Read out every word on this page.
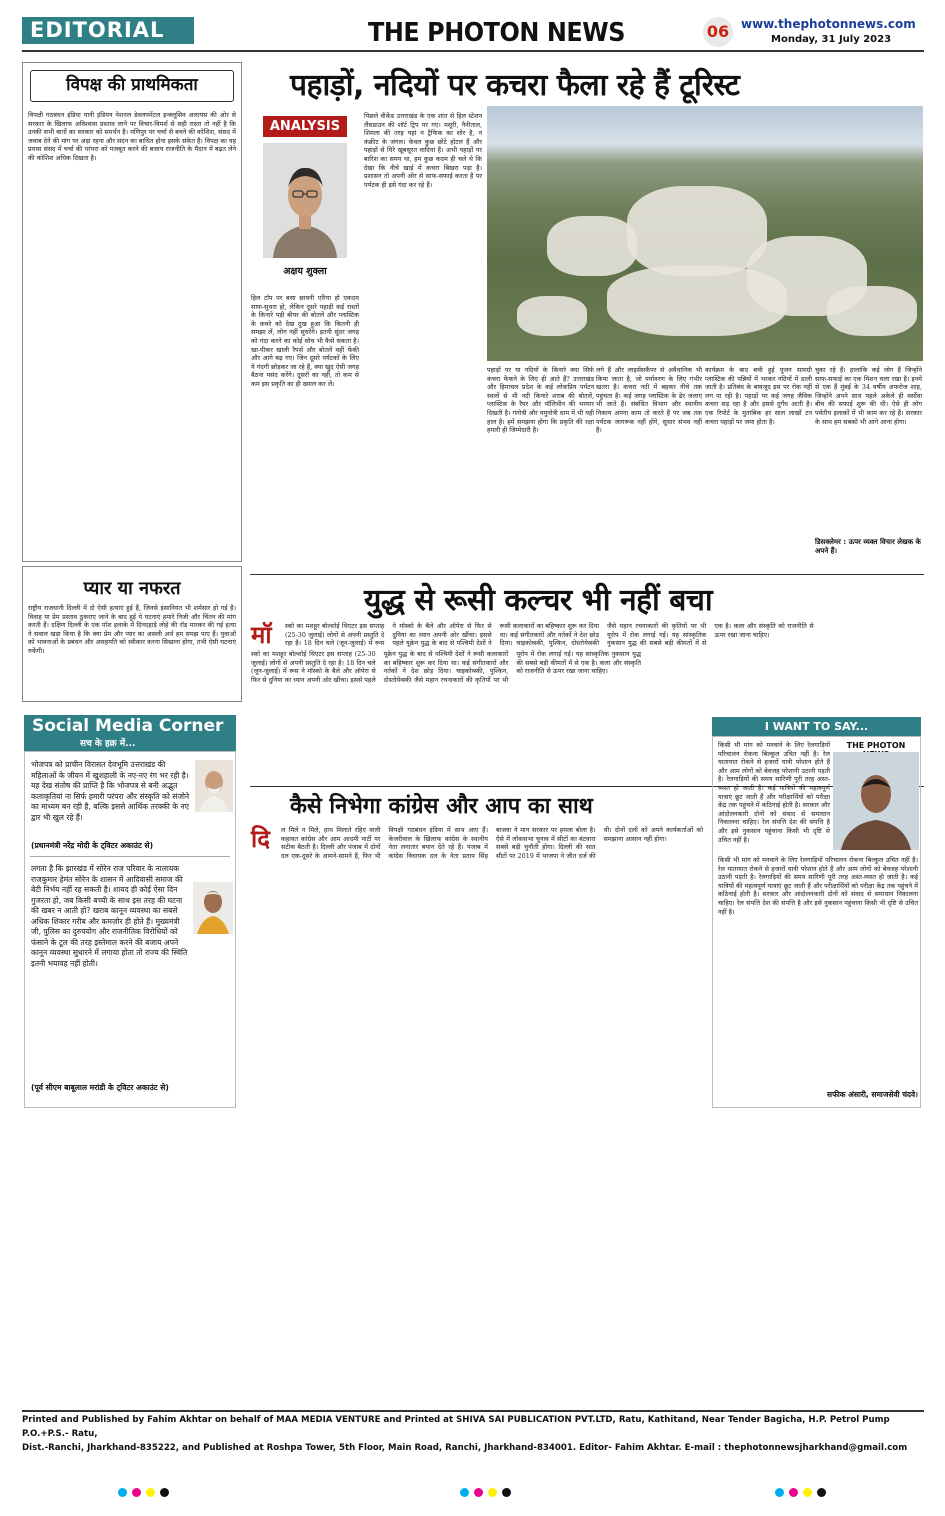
EDITORIAL	THE PHOTON NEWS	06 www.thephotonnews.com
Monday, 31 July 2023
विपक्ष की प्राथमिकता
विपक्षी गठबंधन इंडिया यानी इंडियन नेशनल डेवलपमेंटल इन्क्लूसिव अलायंस की ओर से सरकार के खिलाफ अविश्वास प्रस्ताव लाने पर विचार-विमर्श से सही रास्ता तो नहीं है कि उनकी सभी बातों का सरकार को समर्थन है। मणिपुर पर चर्चा से बचने की कोशिश, संसद में जवाब देने की मांग पर अड़ा रहना और सदन का बाधित होना इसके संकेत हैं। विपक्ष का यह प्रयास संसद में चर्चा की परंपरा को मजबूत करने की बजाय राजनीति के मैदान में बढ़त लेने की कोशिश अधिक दिखता है।
प्यार या नफरत
राष्ट्रीय राजधानी दिल्ली में दो ऐसी हत्याएं हुई हैं, जिनसे इंसानियत भी शर्मसार हो गई है। विवाह या प्रेम प्रस्ताव ठुकराए जाने के बाद हुई ये घटनाएं हमारे निजी और चिंतन की मांग करती हैं। दक्षिण दिल्ली के एक पॉश इलाके में दिनदहाड़े लोहे की रॉड मारकर की गई हत्या ने सवाल खड़ा किया है कि क्या प्रेम और प्यार का असली अर्थ हम समझ पाए हैं। युवाओं को भावनाओं के प्रबंधन और असहमति को स्वीकार करना सिखाना होगा, तभी ऐसी घटनाएं रुकेंगी।
पहाड़ों, नदियों पर कचरा फैला रहे हैं टूरिस्ट
ANALYSIS
अक्षय शुक्ला
हिल टॉप पर बसा छावनी एरिया हो एकदम साफ-सुथरा हो, लेकिन दूसरे पहाड़ी कई रास्तों के किनारे पड़ी बीयर की बोतलें और प्लास्टिक के कचरे को देख दुख हुआ कि कितनी ही समझा लें, लोग नहीं सुधरेंगे। इतनी सुंदर जगह को गंदा करने का कोई सोच भी कैसे सकता है। खा-पीकर खाली रैपर्स और बोतलें वहीं फेंकी और आगे बढ़ गए। जिन दूसरे पर्यटकों के लिए ये गंदगी छोड़कर जा रहे हैं, क्या खुद ऐसी जगह बैठना पसंद करेंगे। दूसरों का नहीं, तो कम से कम इस प्रकृति का ही ख्याल कर लें।
पिछले वीकेंड उत्तराखंड के एक शांत से हिल स्टेशन लैंसडाउन की शॉर्ट ट्रिप पर गए। मसूरी, नैनीताल, शिमला की तरह यहां न ट्रैफिक का शोर है, न कंक्रीट के जंगल। केवल कुछ छोटे होटल हैं और पहाड़ों से घिरे खूबसूरत वादियां हैं। अभी पहाड़ों पर बारिश का समय था, हम कुछ कदम ही चले थे कि देखा कि नीचे खाई में कचरा बिखरा पड़ा है। प्रशासन तो अपनी ओर से साफ-सफाई करता है पर पर्यटक ही इसे गंदा कर रहे हैं।
पहाड़ों पर या नदियों के किनारे क्या सिर्फ कचरा फेंकने के लिए ही आते हैं? उत्तराखंड और हिमाचल प्रदेश के कई लोकप्रिय पर्यटन स्थलों से भी नदी किनारे शराब की बोतलें, प्लास्टिक के रैपर और पॉलिथीन की भरमार दिखती है। गंगोत्री और यमुनोत्री धाम में भी यही हाल है। हमें समझना होगा कि प्रकृति की रक्षा हमारी ही जिम्मेदारी है।
लगे हैं और लाइसेंसकैंपर से अवैधानिक भी किया जाता है, जो पर्यावरण के लिए गंभीर खतरा है। कचरा नदी में बहकर नीचे तक पहुंचता है। कई जगह प्लास्टिक के ढेर जलाए भी जाते हैं। संबंधित विभाग और स्थानीय निकाय अपना काम तो करते हैं पर जब तक पर्यटक जागरूक नहीं होंगे, सुधार संभव नहीं है।
कार्यक्रम के बाद बची हुई पूजन सामग्री प्लास्टिक की पन्नियों में भरकर नदियों में डाली जाती है। प्रतिबंध के बावजूद इस पर रोक नहीं लग पा रही है। पहाड़ों पर कई जगह जैविक कचरा सड़ रहा है और इससे दुर्गंध आती है। एक रिपोर्ट के मुताबिक हर साल लाखों टन कचरा पहाड़ों पर जमा होता है।
चुका रहे हैं। हालांकि कई लोग हैं जिन्होंने साफ-सफाई का एक मिशन चला रखा है। इनमें से एक हैं मुंबई के 34 वर्षीय अफरोज शाह, जिन्होंने अपने साथ पहले अकेले ही वर्सोवा बीच की सफाई शुरू की थी। ऐसे ही लोग पर्वतीय इलाकों में भी काम कर रहे हैं। सरकार के साथ हम सबको भी आगे आना होगा।
डिसक्लेमर : ऊपर व्यक्त विचार लेखक के अपने हैं।
युद्ध से रूसी कल्चर भी नहीं बचा
मॉ
स्को का मशहूर बोल्शोई थिएटर इस सप्ताह (25-30 जुलाई) लोगों से अपनी प्रस्तुति दे रहा है। 18 दिन चले (जून-जुलाई) में रूस ने मॉस्को के बैले और ऑपेरा से फिर से दुनिया का ध्यान अपनी ओर खींचा। इससे पहले यूक्रेन युद्ध के बाद से पश्चिमी देशों ने रूसी कलाकारों का बहिष्कार शुरू कर दिया था। कई संगीतकारों और नर्तकों ने देश छोड़ दिया। चाइकोव्स्की, पुश्किन, दोस्तोयेव्स्की जैसे महान रचनाकारों की कृतियों पर भी यूरोप में रोक लगाई गई। यह सांस्कृतिक नुकसान युद्ध की सबसे बड़ी कीमतों में से एक है। कला और संस्कृति को राजनीति से ऊपर रखा जाना चाहिए।
स्को का मशहूर बोल्शोई थिएटर इस सप्ताह (25-30 जुलाई) लोगों से अपनी प्रस्तुति दे रहा है। 18 दिन चले (जून-जुलाई) में रूस ने मॉस्को के बैले और ऑपेरा से फिर से दुनिया का ध्यान अपनी ओर खींचा। इससे पहले यूक्रेन युद्ध के बाद से पश्चिमी देशों ने रूसी कलाकारों का बहिष्कार शुरू कर दिया था। कई संगीतकारों और नर्तकों ने देश छोड़ दिया। चाइकोव्स्की, पुश्किन, दोस्तोयेव्स्की जैसे महान रचनाकारों की कृतियों पर भी यूरोप में रोक लगाई गई। यह सांस्कृतिक नुकसान युद्ध की सबसे बड़ी कीमतों में से एक है। कला और संस्कृति को राजनीति से ऊपर रखा जाना चाहिए।
कैसे निभेगा कांग्रेस और आप का साथ
दि	ल मिले न मिले, हाथ मिलाते रहिए वाली कहावत कांग्रेस और आम आदमी पार्टी पर सटीक बैठती है। दिल्ली और पंजाब में दोनों दल एक-दूसरे के आमने-सामने हैं, फिर भी विपक्षी गठबंधन इंडिया में साथ आए हैं। केजरीवाल के खिलाफ कांग्रेस के स्थानीय नेता लगातार बयान देते रहे हैं। पंजाब में कांग्रेस विधायक दल के नेता प्रताप सिंह बाजवा ने मान सरकार पर हमला बोला है। ऐसे में लोकसभा चुनाव में सीटों का बंटवारा सबसे बड़ी चुनौती होगा। दिल्ली की सात सीटों पर 2019 में भाजपा ने जीत दर्ज की थी। दोनों दलों को अपने कार्यकर्ताओं को समझाना आसान नहीं होगा।
Social Media Corner
सच के हक़ में...
भोजपत्र को प्राचीन विरासत देवभूमि उत्तराखंड की महिलाओं के जीवन में खुशहाली के नए-नए रंग भर रही है। यह देख संतोष की प्राप्ति है कि भोजपत्र से बनी अद्भुत कलाकृतियां ना सिर्फ हमारी परंपरा और संस्कृति को संजोने का माध्यम बन रही है, बल्कि इससे आर्थिक तरक्की के नए द्वार भी खुल रहे हैं।
(प्रधानमंत्री नरेंद्र मोदी के ट्विटर अकाउंट से)
लगता है कि झारखंड में सोरेन राज परिवार के नालायक राजकुमार हेमंत सोरेन के शासन में आदिवासी समाज की बेटी निर्भय नहीं रह सकती है। शायद ही कोई ऐसा दिन गुजरता हो, जब किसी बच्ची के साथ इस तरह की घटना की खबर न आती हो? खराब कानून व्यवस्था का सबसे अधिक शिकार गरीब और कमज़ोर ही होते हैं। मुख्यमंत्री जी, पुलिस का दुरुपयोग और राजनीतिक विरोधियों को फंसाने के टूल की तरह इस्तेमाल करने की बजाय अपने कानून व्यवस्था सुधारने में लगाया होता तो राज्य की स्थिति इतनी भयावह नहीं होती।
(पूर्व सीएम बाबूलाल मरांडी के ट्विटर अकाउंट से)
I WANT TO SAY...
THE PHOTON
किसी भी मांग को मनवाने के लिए रेलगाड़ियों परिचालन रोकना बिल्कुल उचित नहीं है। रेल यातायात रोकने से हजारों यात्री परेशान होते हैं और आम लोगों को बेवजह परेशानी उठानी पड़ती है। रेलगाड़ियों की समय सारिणी पूरी तरह अस्त-व्यस्त हो जाती है। कई यात्रियों की महत्वपूर्ण यात्राएं छूट जाती हैं और परीक्षार्थियों को परीक्षा केंद्र तक पहुंचने में कठिनाई होती है। सरकार और आंदोलनकारी दोनों को संवाद से समाधान निकालना चाहिए। रेल संपत्ति देश की संपत्ति है और इसे नुकसान पहुंचाना किसी भी दृष्टि से उचित नहीं है।
किसी भी मांग को मनवाने के लिए रेलगाड़ियों परिचालन रोकना बिल्कुल उचित नहीं है। रेल यातायात रोकने से हजारों यात्री परेशान होते हैं और आम लोगों को बेवजह परेशानी उठानी पड़ती है। रेलगाड़ियों की समय सारिणी पूरी तरह अस्त-व्यस्त हो जाती है। कई यात्रियों की महत्वपूर्ण यात्राएं छूट जाती हैं और परीक्षार्थियों को परीक्षा केंद्र तक पहुंचने में कठिनाई होती है। सरकार और आंदोलनकारी दोनों को संवाद से समाधान निकालना चाहिए। रेल संपत्ति देश की संपत्ति है और इसे नुकसान पहुंचाना किसी भी दृष्टि से उचित नहीं है।
सफीक अंसारी, समाजसेवी चंदवे।
Printed and Published by Fahim Akhtar on behalf of MAA MEDIA VENTURE and Printed at SHIVA SAI PUBLICATION PVT.LTD, Ratu, Kathitand, Near Tender Bagicha, H.P. Petrol Pump P.O.+P.S.- Ratu,
Dist.-Ranchi, Jharkhand-835222, and Published at Roshpa Tower, 5th Floor, Main Road, Ranchi, Jharkhand-834001. Editor- Fahim Akhtar. E-mail : thephotonnewsjharkhand@gmail.com
